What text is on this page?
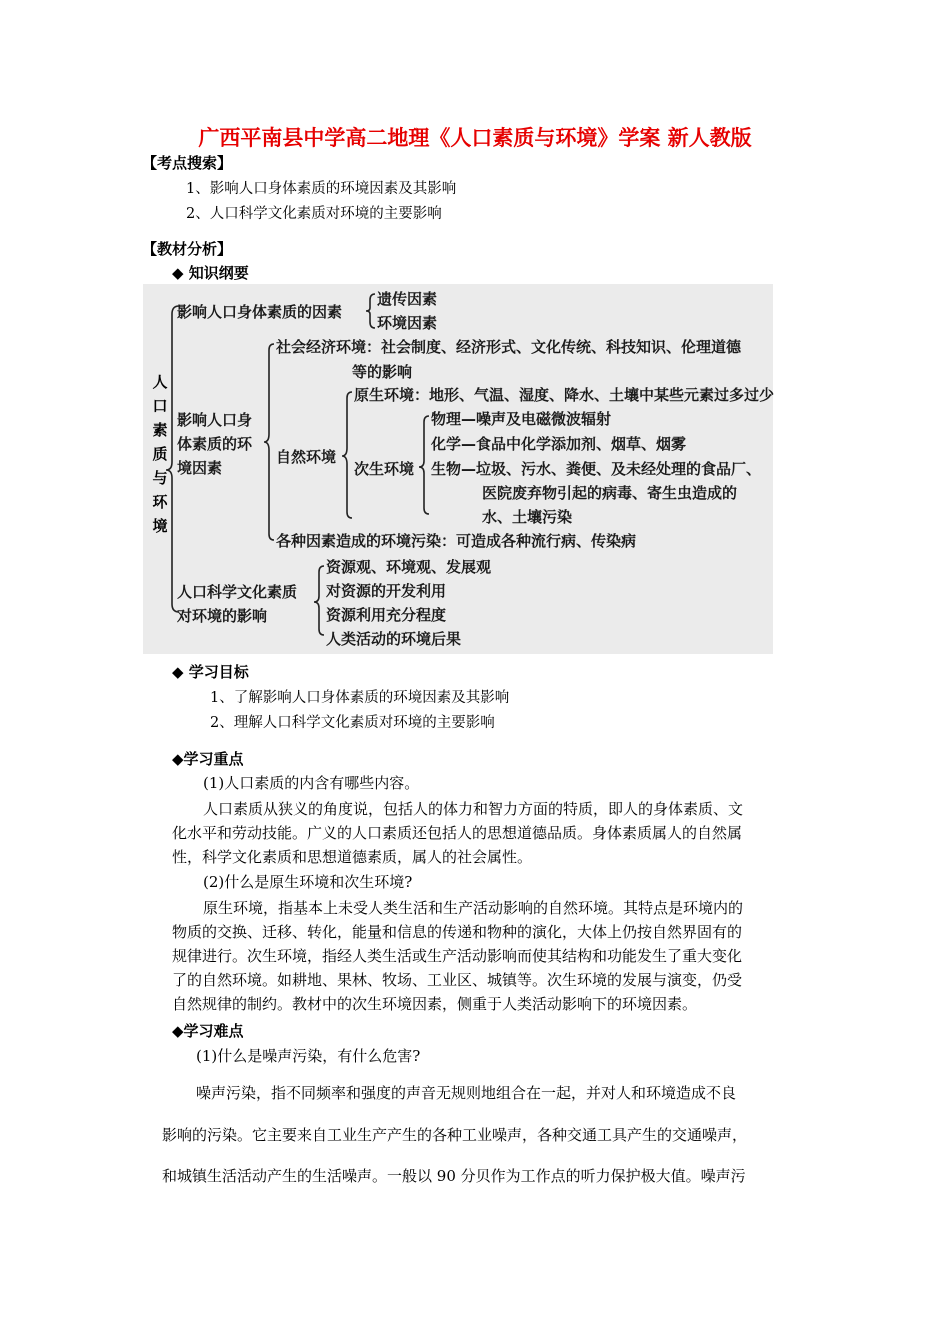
广西平南县中学高二地理《人口素质与环境》学案 新人教版
【考点搜索】
1、影响人口身体素质的环境因素及其影响
2、人口科学文化素质对环境的主要影响
【教材分析】
◆ 知识纲要
人口素质与环境
影响人口身体素质的因素
遗传因素
环境因素
影响人口身
体素质的环
境因素
社会经济环境：社会制度、经济形式、文化传统、科技知识、伦理道德
等的影响
自然环境
原生环境：地形、气温、湿度、降水、土壤中某些元素过多过少
次生环境
物理—噪声及电磁微波辐射
化学—食品中化学添加剂、烟草、烟雾
生物—垃圾、污水、粪便、及未经处理的食品厂、
医院废弃物引起的病毒、寄生虫造成的
水、土壤污染
各种因素造成的环境污染：可造成各种流行病、传染病
人口科学文化素质
对环境的影响
资源观、环境观、发展观
对资源的开发利用
资源利用充分程度
人类活动的环境后果
◆ 学习目标
1、了解影响人口身体素质的环境因素及其影响
2、理解人口科学文化素质对环境的主要影响
◆学习重点
(1)人口素质的内含有哪些内容。
人口素质从狭义的角度说，包括人的体力和智力方面的特质，即人的身体素质、文
化水平和劳动技能。广义的人口素质还包括人的思想道德品质。身体素质属人的自然属
性，科学文化素质和思想道德素质，属人的社会属性。
(2)什么是原生环境和次生环境?
原生环境，指基本上未受人类生活和生产活动影响的自然环境。其特点是环境内的
物质的交换、迁移、转化，能量和信息的传递和物种的演化，大体上仍按自然界固有的
规律进行。次生环境，指经人类生活或生产活动影响而使其结构和功能发生了重大变化
了的自然环境。如耕地、果林、牧场、工业区、城镇等。次生环境的发展与演变，仍受
自然规律的制约。教材中的次生环境因素，侧重于人类活动影响下的环境因素。
◆学习难点
(1)什么是噪声污染，有什么危害?
噪声污染，指不同频率和强度的声音无规则地组合在一起，并对人和环境造成不良
影响的污染。它主要来自工业生产产生的各种工业噪声，各种交通工具产生的交通噪声，
和城镇生活活动产生的生活噪声。一般以 90 分贝作为工作点的听力保护极大值。噪声污
